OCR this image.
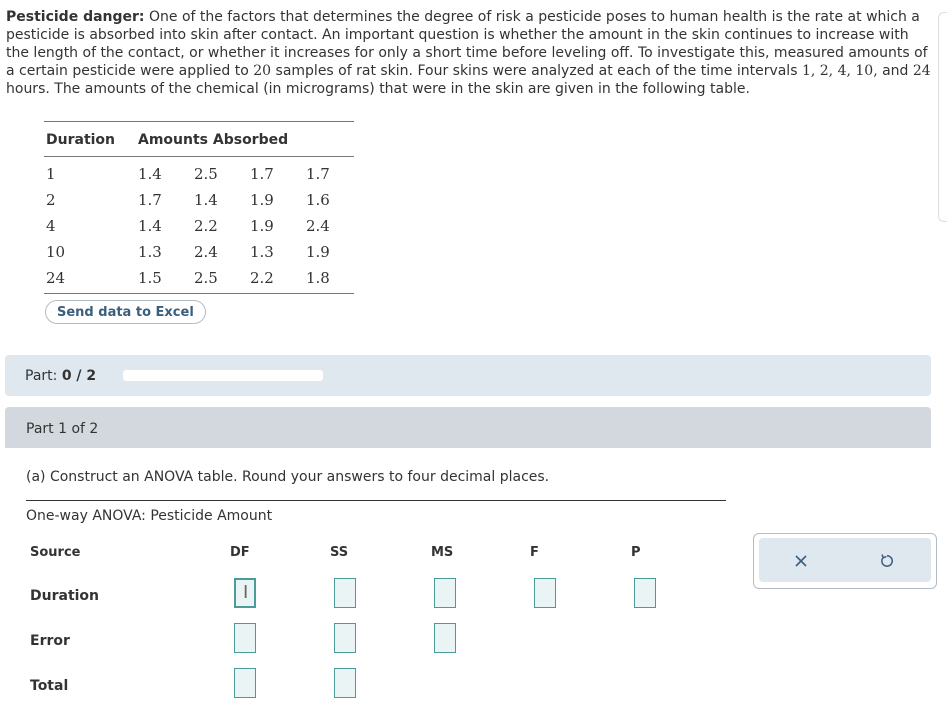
Pesticide danger: One of the factors that determines the degree of risk a pesticide poses to human health is the rate at which a pesticide is absorbed into skin after contact. An important question is whether the amount in the skin continues to increase with the length of the contact, or whether it increases for only a short time before leveling off. To investigate this, measured amounts of a certain pesticide were applied to 20 samples of rat skin. Four skins were analyzed at each of the time intervals 1, 2, 4, 10, and 24 hours. The amounts of the chemical (in micrograms) that were in the skin are given in the following table.
Duration	Amounts Absorbed			
1	1.4	2.5	1.7	1.7
2	1.7	1.4	1.9	1.6
4	1.4	2.2	1.9	2.4
10	1.3	2.4	1.3	1.9
24	1.5	2.5	2.2	1.8
Send data to Excel
Part: 0 / 2
Part 1 of 2
(a) Construct an ANOVA table. Round your answers to four decimal places.
One-way ANOVA: Pesticide Amount
Source	DF	SS	MS	F	P
Duration
Error
Total
I
